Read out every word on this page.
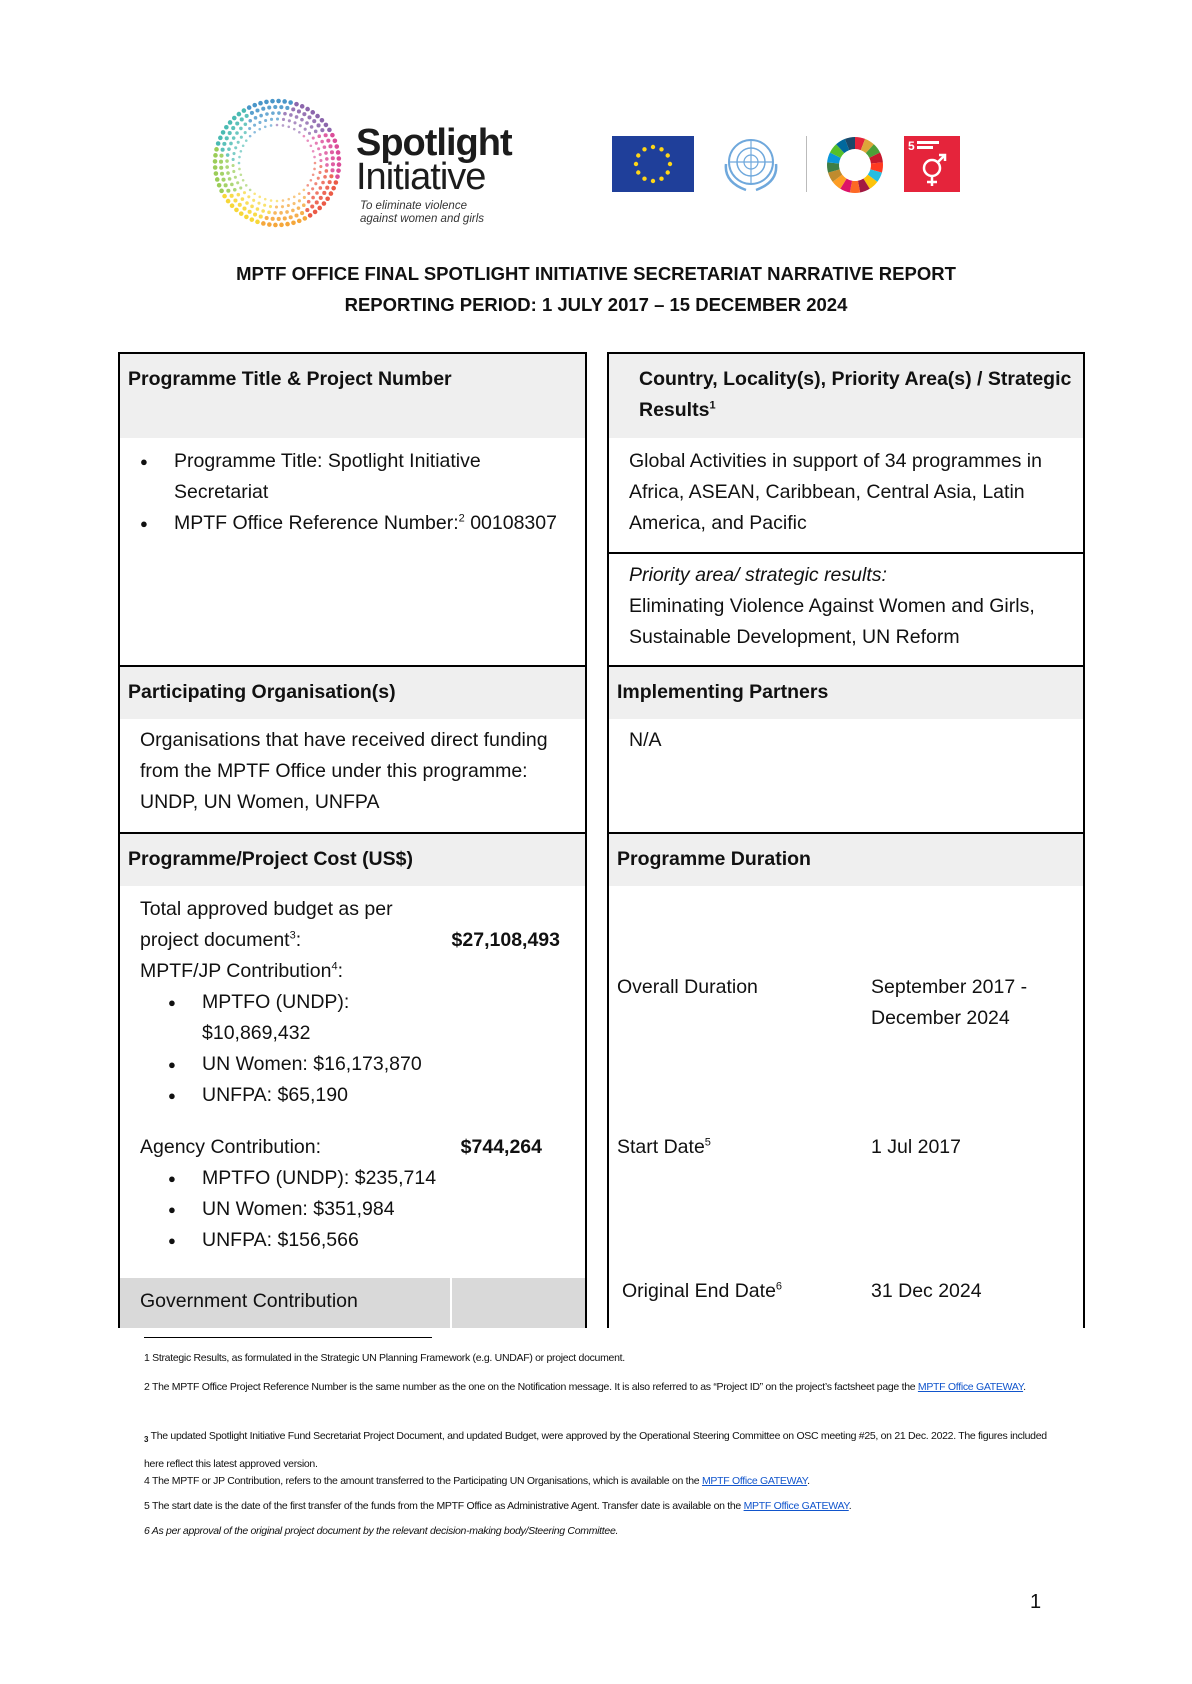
Spotlight
Initiative
To eliminate violence
against women and girls
5
MPTF OFFICE FINAL SPOTLIGHT INITIATIVE SECRETARIAT NARRATIVE REPORT
REPORTING PERIOD: 1 JULY 2017 – 15 DECEMBER 2024
Programme Title & Project Number
● Programme Title: Spotlight Initiative Secretariat
● MPTF Office Reference Number:$^2$ 00108307
Participating Organisation(s)
Organisations that have received direct funding from the MPTF Office under this programme: UNDP, UN Women, UNFPA
Programme/Project Cost (US$)
Total approved budget as per project document$^3$:	$27,108,493
MPTF/JP Contribution$^4$:
● MPTFO (UNDP): $10,869,432
● UN Women: $16,173,870
● UNFPA: $65,190
Agency Contribution:	$744,264
● MPTFO (UNDP): $235,714
● UN Women: $351,984
● UNFPA: $156,566
Government Contribution
Country, Locality(s), Priority Area(s) / Strategic Results$^1$
Global Activities in support of 34 programmes in Africa, ASEAN, Caribbean, Central Asia, Latin America, and Pacific
Priority area/ strategic results:
Eliminating Violence Against Women and Girls, Sustainable Development, UN Reform
Implementing Partners
N/A
Programme Duration
Overall Duration	September 2017 - December 2024
Start Date$^5$	1 Jul 2017
Original End Date$^6$	31 Dec 2024
1 Strategic Results, as formulated in the Strategic UN Planning Framework (e.g. UNDAF) or project document.
2 The MPTF Office Project Reference Number is the same number as the one on the Notification message. It is also referred to as “Project ID” on the project’s factsheet page the MPTF Office GATEWAY.
$_3$ The updated Spotlight Initiative Fund Secretariat Project Document, and updated Budget, were approved by the Operational Steering Committee on OSC meeting #25, on 21 Dec. 2022. The figures included here reflect this latest approved version.
4 The MPTF or JP Contribution, refers to the amount transferred to the Participating UN Organisations, which is available on the MPTF Office GATEWAY.
5 The start date is the date of the first transfer of the funds from the MPTF Office as Administrative Agent. Transfer date is available on the MPTF Office GATEWAY.
6 As per approval of the original project document by the relevant decision-making body/Steering Committee.
1
